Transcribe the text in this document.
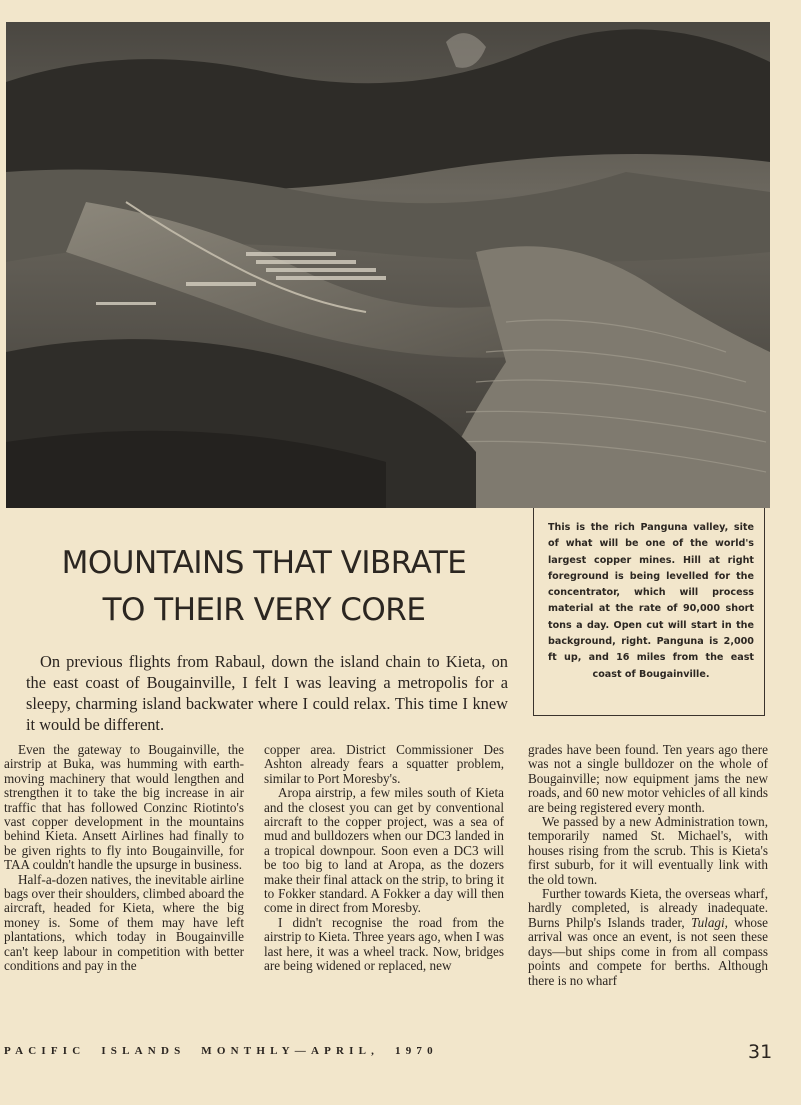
This is the rich Panguna valley, site of what will be one of the world's largest copper mines. Hill at right foreground is being levelled for the concentrator, which will process material at the rate of 90,000 short tons a day. Open cut will start in the background, right. Panguna is 2,000 ft up, and 16 miles from the east coast of Bougainville.
MOUNTAINS THAT VIBRATE
TO THEIR VERY CORE

On previous flights from Rabaul, down the island chain to Kieta, on the east coast of Bougainville, I felt I was leaving a metropolis for a sleepy, charming island backwater where I could relax. This time I knew it would be different.

Even the gateway to Bougainville, the airstrip at Buka, was humming with earth-moving machinery that would lengthen and strengthen it to take the big increase in air traffic that has followed Conzinc Riotinto's vast copper development in the mountains behind Kieta. Ansett Airlines had finally to be given rights to fly into Bougainville, for TAA couldn't handle the upsurge in business.

Half-a-dozen natives, the inevitable airline bags over their shoulders, climbed aboard the aircraft, headed for Kieta, where the big money is. Some of them may have left plantations, which today in Bougainville can't keep labour in competition with better conditions and pay in the

copper area. District Commissioner Des Ashton already fears a squatter problem, similar to Port Moresby's.

Aropa airstrip, a few miles south of Kieta and the closest you can get by conventional aircraft to the copper project, was a sea of mud and bulldozers when our DC3 landed in a tropical downpour. Soon even a DC3 will be too big to land at Aropa, as the dozers make their final attack on the strip, to bring it to Fokker standard. A Fokker a day will then come in direct from Moresby.

I didn't recognise the road from the airstrip to Kieta. Three years ago, when I was last here, it was a wheel track. Now, bridges are being widened or replaced, new

grades have been found. Ten years ago there was not a single bulldozer on the whole of Bougainville; now equipment jams the new roads, and 60 new motor vehicles of all kinds are being registered every month.

We passed by a new Administration town, temporarily named St. Michael's, with houses rising from the scrub. This is Kieta's first suburb, for it will eventually link with the old town.

Further towards Kieta, the overseas wharf, hardly completed, is already inadequate. Burns Philp's Islands trader, Tulagi, whose arrival was once an event, is not seen these days—but ships come in from all compass points and compete for berths. Although there is no wharf

PACIFIC  ISLANDS  MONTHLY—APRIL,  1970	31
